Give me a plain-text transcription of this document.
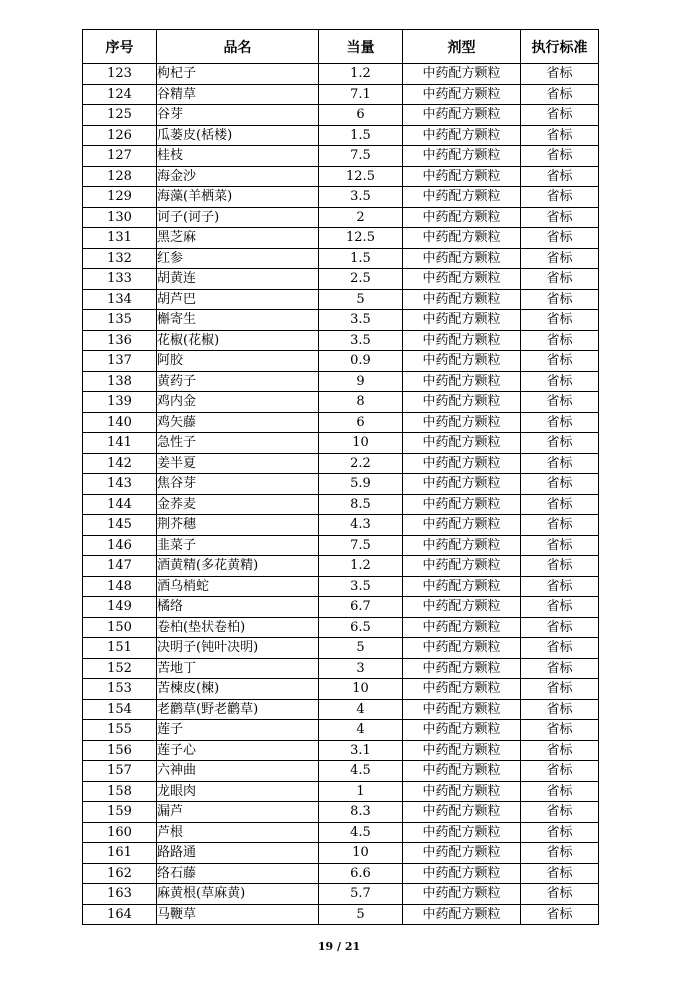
序号	品名	当量	剂型	执行标准
123	枸杞子	1.2	中药配方颗粒	省标
124	谷精草	7.1	中药配方颗粒	省标
125	谷芽	6	中药配方颗粒	省标
126	瓜蒌皮(栝楼)	1.5	中药配方颗粒	省标
127	桂枝	7.5	中药配方颗粒	省标
128	海金沙	12.5	中药配方颗粒	省标
129	海藻(羊栖菜)	3.5	中药配方颗粒	省标
130	诃子(诃子)	2	中药配方颗粒	省标
131	黑芝麻	12.5	中药配方颗粒	省标
132	红参	1.5	中药配方颗粒	省标
133	胡黄连	2.5	中药配方颗粒	省标
134	胡芦巴	5	中药配方颗粒	省标
135	槲寄生	3.5	中药配方颗粒	省标
136	花椒(花椒)	3.5	中药配方颗粒	省标
137	阿胶	0.9	中药配方颗粒	省标
138	黄药子	9	中药配方颗粒	省标
139	鸡内金	8	中药配方颗粒	省标
140	鸡矢藤	6	中药配方颗粒	省标
141	急性子	10	中药配方颗粒	省标
142	姜半夏	2.2	中药配方颗粒	省标
143	焦谷芽	5.9	中药配方颗粒	省标
144	金荞麦	8.5	中药配方颗粒	省标
145	荆芥穗	4.3	中药配方颗粒	省标
146	韭菜子	7.5	中药配方颗粒	省标
147	酒黄精(多花黄精)	1.2	中药配方颗粒	省标
148	酒乌梢蛇	3.5	中药配方颗粒	省标
149	橘络	6.7	中药配方颗粒	省标
150	卷柏(垫状卷柏)	6.5	中药配方颗粒	省标
151	决明子(钝叶决明)	5	中药配方颗粒	省标
152	苦地丁	3	中药配方颗粒	省标
153	苦楝皮(楝)	10	中药配方颗粒	省标
154	老鹳草(野老鹳草)	4	中药配方颗粒	省标
155	莲子	4	中药配方颗粒	省标
156	莲子心	3.1	中药配方颗粒	省标
157	六神曲	4.5	中药配方颗粒	省标
158	龙眼肉	1	中药配方颗粒	省标
159	漏芦	8.3	中药配方颗粒	省标
160	芦根	4.5	中药配方颗粒	省标
161	路路通	10	中药配方颗粒	省标
162	络石藤	6.6	中药配方颗粒	省标
163	麻黄根(草麻黄)	5.7	中药配方颗粒	省标
164	马鞭草	5	中药配方颗粒	省标
19 / 21
